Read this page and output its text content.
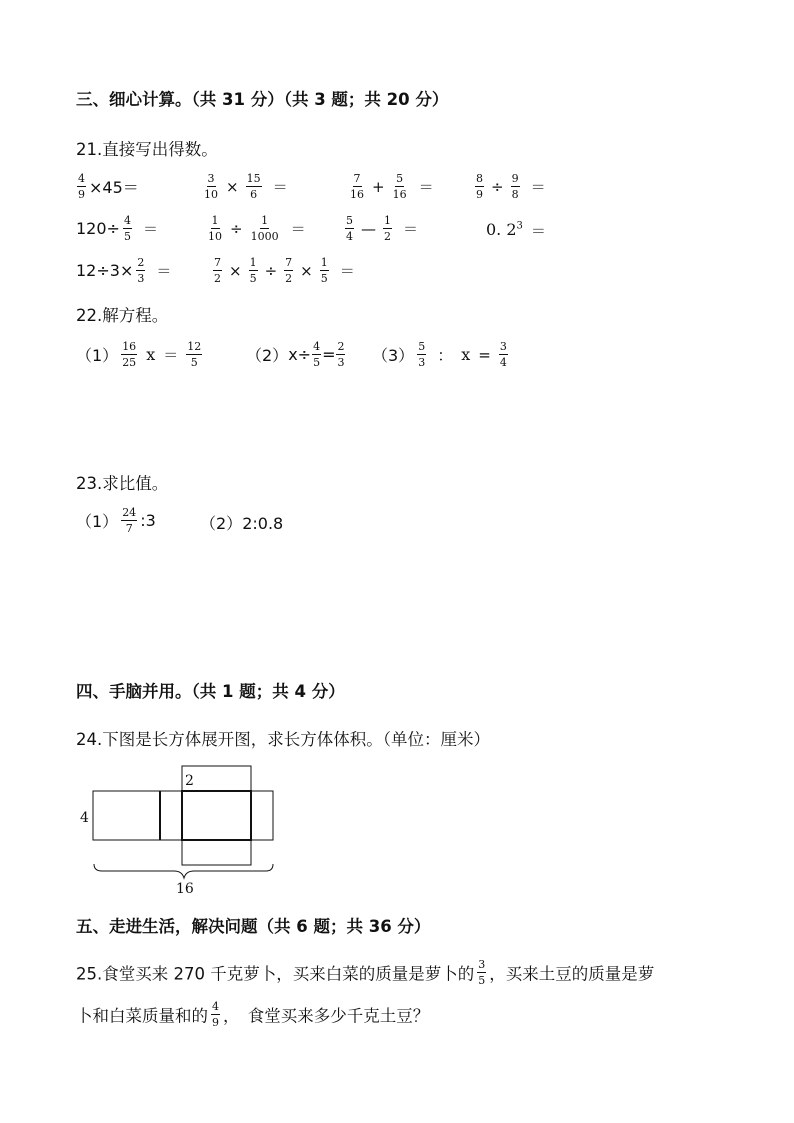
三、细心计算。（共 31 分）（共 3 题；共 20 分）
21.直接写出得数。
$\frac{4}{9} \times 45=$	$\frac{3}{10} \times \frac{15}{6}$ ＝	$\frac{7}{16} + \frac{5}{16}$ ＝	$\frac{8}{9} \div \frac{9}{8}$ ＝
$120\div \frac{4}{5}$ ＝	$\frac{1}{10} \div \frac{1}{1000}$ ＝	$\frac{5}{4}$ — $\frac{1}{2}$ ＝	0. $2^3$ ＝
$12\div 3\times \frac{2}{3}$ ＝	$\frac{7}{2} \times \frac{1}{5} \div \frac{7}{2} \times \frac{1}{5}$ ＝
22.解方程。
$(1) \frac{16}{25}$ $x = \frac{12}{5}$	$(2)x\div \frac{4}{5} = \frac{2}{3} (3) \frac{5}{3}$ ： $x = \frac{3}{4}$
23.求比值。
$(1) \frac{24}{7}$ :3	（2）2:0.8
四、手脑并用。（共 1 题；共 4 分）
24.下图是长方体展开图，求长方体体积。（单位：厘米）
2
4
16
五、走进生活，解决问题（共 6 题；共 36 分）
25.食堂买来 270 千克萝卜，买来白菜的质量是萝卜的 $\frac{3}{5}$ ，买来土豆的质量是萝
卜和白菜质量和的 $\frac{4}{9}$ ，　食堂买来多少千克土豆？
